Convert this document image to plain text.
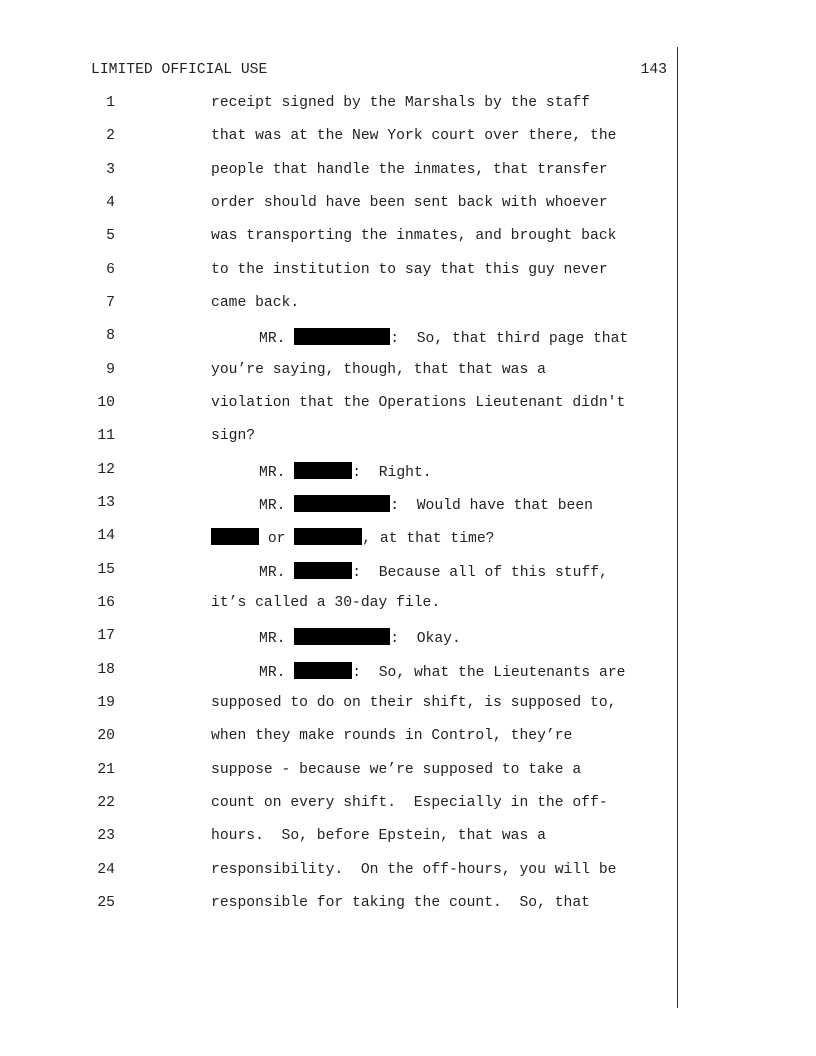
LIMITED OFFICIAL USE	143

1

	receipt signed by the Marshals by the staff

2

	that was at the New York court over there, the

3

	people that handle the inmates, that transfer

4

	order should have been sent back with whoever

5

	was transporting the inmates, and brought back

6

	to the institution to say that this guy never

7

	came back.

8

	MR.	:  So, that third page that

9

	you’re saying, though, that that was a

10

	violation that the Operations Lieutenant didn't

11

	sign?

12

	MR.	:  Right.

13

	MR.	:  Would have that been

14

	or	, at that time?

15

	MR.	:  Because all of this stuff,

16

	it’s called a 30-day file.

17

	MR.	:  Okay.

18

	MR.	:  So, what the Lieutenants are

19

	supposed to do on their shift, is supposed to,

20

	when they make rounds in Control, they’re

21

	suppose - because we’re supposed to take a

22

	count on every shift.  Especially in the off-

23

	hours.  So, before Epstein, that was a

24

	responsibility.  On the off-hours, you will be

25

	responsible for taking the count.  So, that
